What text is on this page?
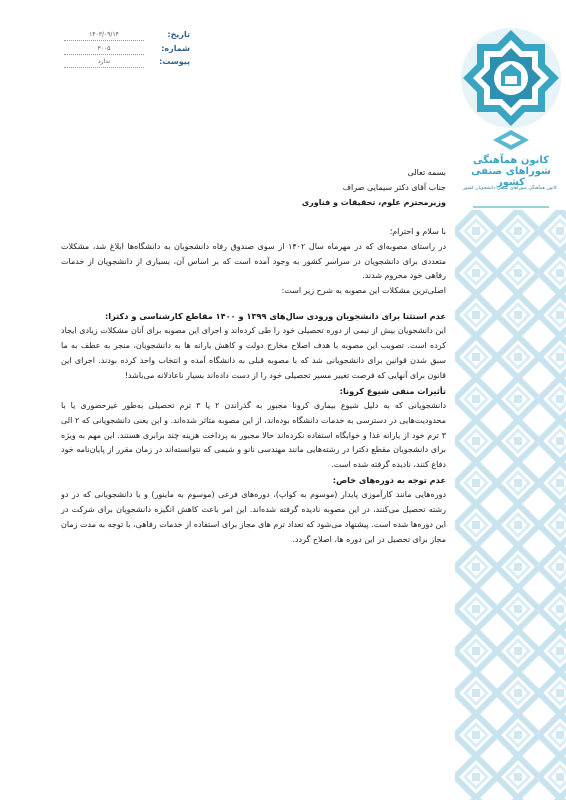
کانون همآهنگی
شوراهای صنفی کشور
کانون همآهنگی شوراهای صنفی دانشجویان کشور
تاریخ:
۱۴۰۳/۰۹/۱۴
شماره:
۳۰۰۵
پیوست:
ندارد

بسمه تعالی

جناب آقای دکتر سیمایی صراف

وزیرمحترم علوم، تحقیقات و فناوری

با سلام و احترام؛

در راستای مصوبه‌ای که در مهرماه سال ۱۴۰۲ از سوی صندوق رفاه دانشجویان به دانشگاه‌ها ابلاغ شد، مشکلات متعددی برای دانشجویان در سراسر کشور به وجود آمده است که بر اساس آن، بسیاری از دانشجویان از خدمات رفاهی خود محروم شدند.

اصلی‌ترین مشکلات این مصوبه به شرح زیر است:

عدم استثنا برای دانشجویان ورودی سال‌های ۱۳۹۹ و ۱۴۰۰ مقاطع کارشناسی و دکترا:

این دانشجویان بیش از نیمی از دوره تحصیلی خود را طی کرده‌اند و اجرای این مصوبه برای آنان مشکلات زیادی ایجاد کرده است. تصویب این مصوبه با هدف اصلاح مخارج دولت و کاهش یارانه ها به دانشجویان، منجر به عطف به ما سبق شدن قوانین برای دانشجویانی شد که با مصوبه قبلی به دانشگاه آمده و انتخاب واحد کرده بودند. اجرای این قانون برای آنهایی که فرصت تغییر مسیر تحصیلی خود را از دست داده‌اند بسیار ناعادلانه می‌باشد!

تأثیرات منفی شیوع کرونا:

دانشجویانی که به دلیل شیوع بیماری کرونا مجبور به گذراندن ۲ یا ۳ ترم تحصیلی به‌طور غیرحضوری یا با محدودیت‌هایی در دسترسی به خدمات دانشگاه بوده‌اند، از این مصوبه متاثر شده‌اند. و این یعنی دانشجویانی که ۲ الی ۳ ترم خود از یارانه غذا و خوابگاه استفاده نکرده‌اند حالا مجبور به پرداخت هزینه چند برابری هستند. این مهم به ویژه برای دانشجویان مقطع دکترا در رشته‌هایی مانند مهندسی نانو و شیمی که نتوانسته‌اند در زمان مقرر از پایان‌نامه خود دفاع کنند، نادیده گرفته شده است.

عدم توجه به دوره‌های خاص:

دوره‌هایی مانند کارآموزی پایدار (موسوم به کواپ)، دوره‌های فرعی (موسوم به ماینور) و یا دانشجویانی که در دو رشته تحصیل می‌کنند، در این مصوبه نادیده گرفته شده‌اند. این امر باعث کاهش انگیزه دانشجویان برای شرکت در این دوره‌ها شده است. پیشنهاد می‌شود که تعداد ترم های مجاز برای استفاده از خدمات رفاهی، با توجه به مدت زمان مجاز برای تحصیل در این دوره ها، اصلاح گردد.
